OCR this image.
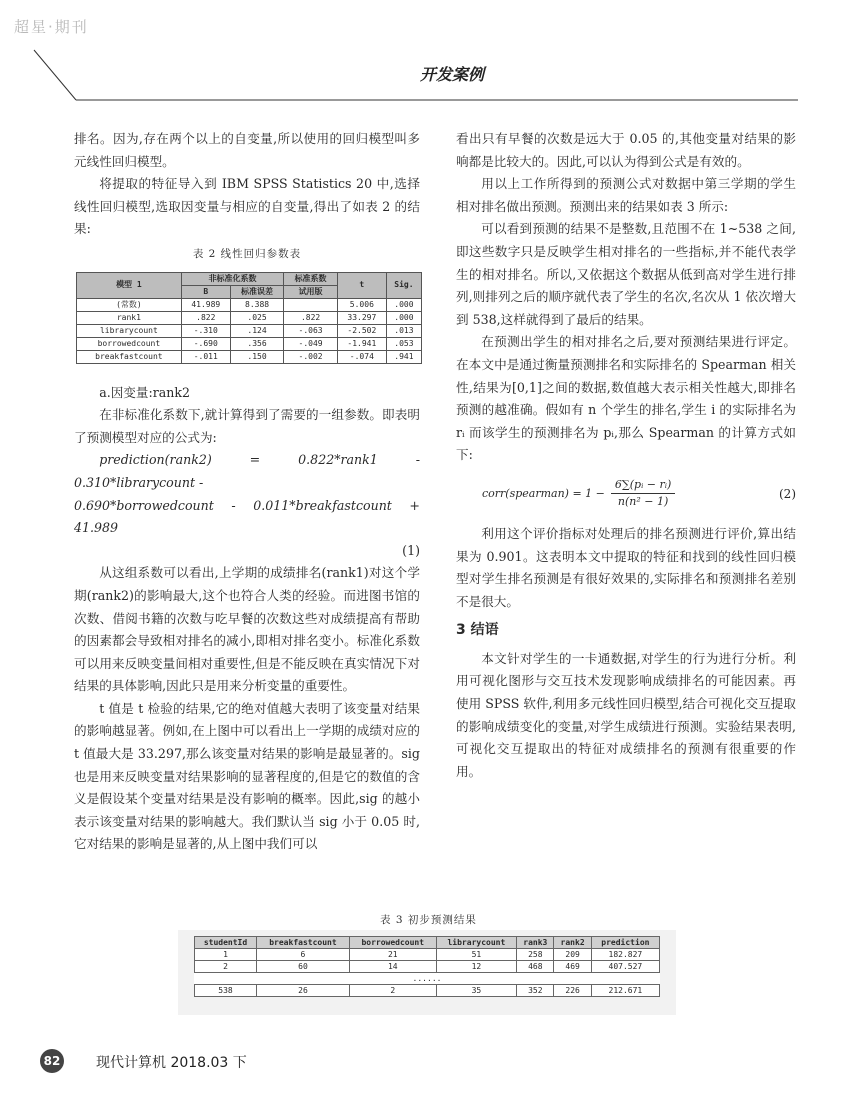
超星·期刊
开发案例

排名。因为,存在两个以上的自变量,所以使用的回归模型叫多元线性回归模型。

将提取的特征导入到 IBM SPSS Statistics 20 中,选择线性回归模型,选取因变量与相应的自变量,得出了如表 2 的结果:

表 2 线性回归参数表
模型 1	非标准化系数		标准系数	t	Sig.
	B	标准误差	试用版		
(常数)	41.989	8.388		5.006	.000
rank1	.822	.025	.822	33.297	.000
librarycount	-.310	.124	-.063	-2.502	.013
borrowedcount	-.690	.356	-.049	-1.941	.053
breakfastcount	-.011	.150	-.002	-.074	.941

a.因变量:rank2

在非标准化系数下,就计算得到了需要的一组参数。即表明了预测模型对应的公式为:

prediction(rank2) = 0.822*rank1 - 0.310*librarycount -

0.690*borrowedcount - 0.011*breakfastcount + 41.989

(1)

从这组系数可以看出,上学期的成绩排名(rank1)对这个学期(rank2)的影响最大,这个也符合人类的经验。而进图书馆的次数、借阅书籍的次数与吃早餐的次数这些对成绩提高有帮助的因素都会导致相对排名的减小,即相对排名变小。标准化系数可以用来反映变量间相对重要性,但是不能反映在真实情况下对结果的具体影响,因此只是用来分析变量的重要性。

t 值是 t 检验的结果,它的绝对值越大表明了该变量对结果的影响越显著。例如,在上图中可以看出上一学期的成绩对应的 t 值最大是 33.297,那么该变量对结果的影响是最显著的。sig 也是用来反映变量对结果影响的显著程度的,但是它的数值的含义是假设某个变量对结果是没有影响的概率。因此,sig 的越小表示该变量对结果的影响越大。我们默认当 sig 小于 0.05 时,它对结果的影响是显著的,从上图中我们可以

看出只有早餐的次数是远大于 0.05 的,其他变量对结果的影响都是比较大的。因此,可以认为得到公式是有效的。

用以上工作所得到的预测公式对数据中第三学期的学生相对排名做出预测。预测出来的结果如表 3 所示:

可以看到预测的结果不是整数,且范围不在 1~538 之间,即这些数字只是反映学生相对排名的一些指标,并不能代表学生的相对排名。所以,又依据这个数据从低到高对学生进行排列,则排列之后的顺序就代表了学生的名次,名次从 1 依次增大到 538,这样就得到了最后的结果。

在预测出学生的相对排名之后,要对预测结果进行评定。在本文中是通过衡量预测排名和实际排名的 Spearman 相关性,结果为[0,1]之间的数据,数值越大表示相关性越大,即排名预测的越准确。假如有 n 个学生的排名,学生 i 的实际排名为 rᵢ 而该学生的预测排名为 pᵢ,那么 Spearman 的计算方式如下:

corr(spearman) = $1 - \frac{\text{6∑(pᵢ − rᵢ)}}{\text{n(n² − 1)}}$	(2)

利用这个评价指标对处理后的排名预测进行评价,算出结果为 0.901。这表明本文中提取的特征和找到的线性回归模型对学生排名预测是有很好效果的,实际排名和预测排名差别不是很大。

3 结语

本文针对学生的一卡通数据,对学生的行为进行分析。利用可视化图形与交互技术发现影响成绩排名的可能因素。再使用 SPSS 软件,利用多元线性回归模型,结合可视化交互提取的影响成绩变化的变量,对学生成绩进行预测。实验结果表明,可视化交互提取出的特征对成绩排名的预测有很重要的作用。

表 3 初步预测结果
studentId	breakfastcount	borrowedcount	librarycount	rank3	rank2	prediction
1	6	21	51	258	209	182.827
2	60	14	12	468	469	407.527
......						
538	26	2	35	352	226	212.671
82	现代计算机 2018.03 下
